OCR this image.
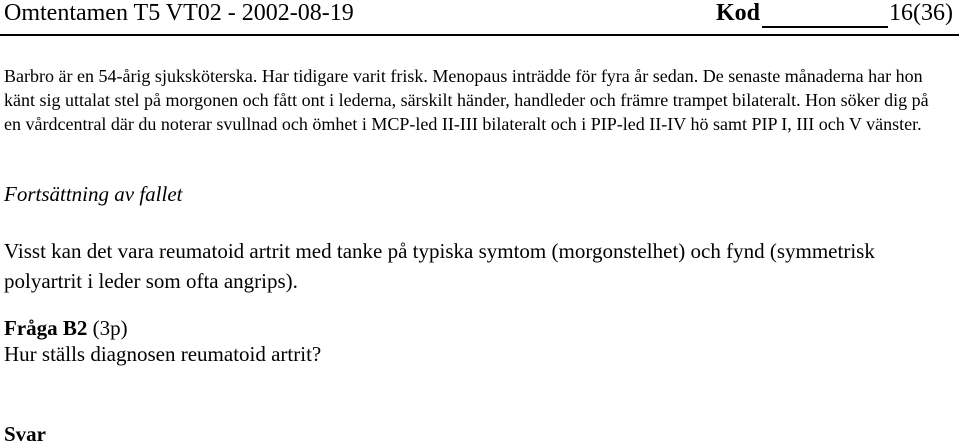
Omtentamen T5 VT02 - 2002-08-19	Kod	16(36)
Barbro är en 54-årig sjuksköterska. Har tidigare varit frisk. Menopaus inträdde för fyra år sedan. De senaste månaderna har hon känt sig uttalat stel på morgonen och fått ont i lederna, särskilt händer, handleder och främre trampet bilateralt. Hon söker dig på en vårdcentral där du noterar svullnad och ömhet i MCP-led II-III bilateralt och i PIP-led II-IV hö samt PIP I, III och V vänster.
Fortsättning av fallet
Visst kan det vara reumatoid artrit med tanke på typiska symtom (morgonstelhet) och fynd (symmetrisk polyartrit i leder som ofta angrips).
Fråga B2 (3p)
Hur ställs diagnosen reumatoid artrit?
Svar
